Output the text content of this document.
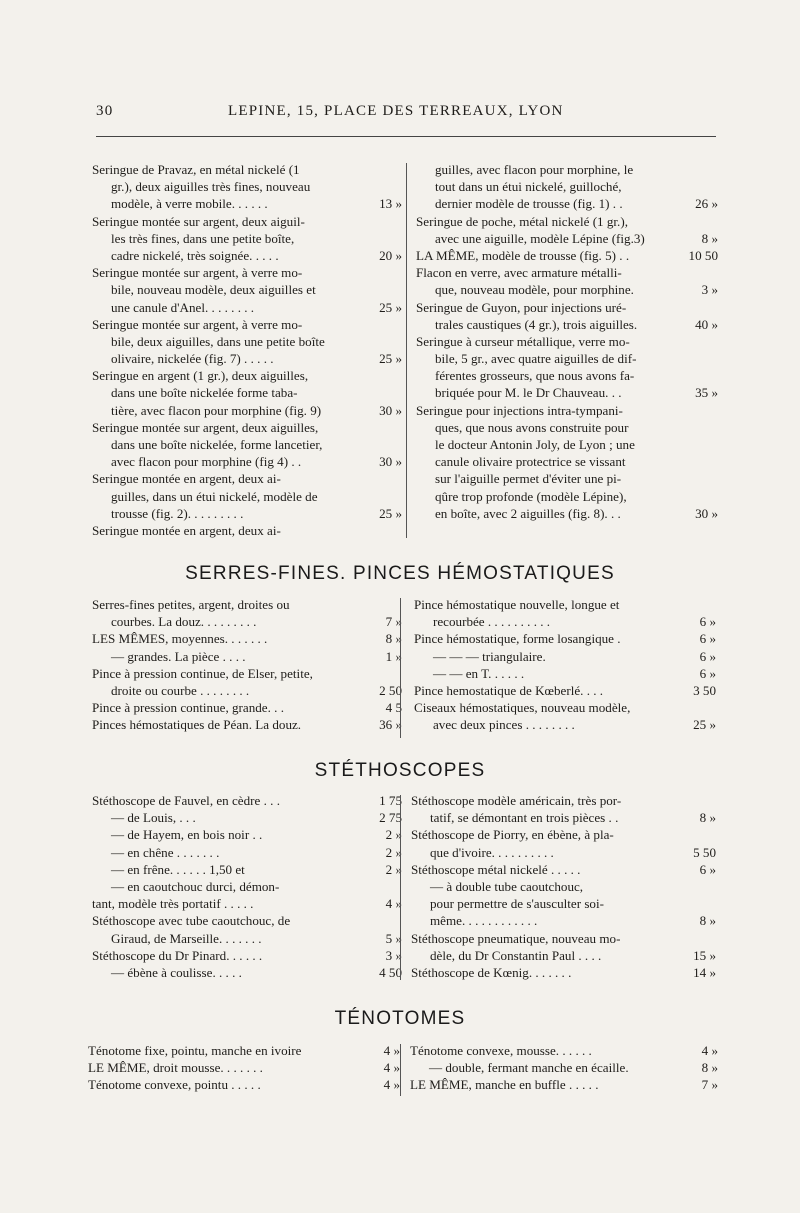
30	LEPINE, 15, PLACE DES TERREAUX, LYON
Seringue de Pravaz, en métal nickelé (1
gr.), deux aiguilles très fines, nouveau
modèle, à verre mobile. . . . . .	13 »
Seringue montée sur argent, deux aiguil-
les très fines, dans une petite boîte,
cadre nickelé, très soignée. . . . .	20 »
Seringue montée sur argent, à verre mo-
bile, nouveau modèle, deux aiguilles et
une canule d'Anel. . . . . . . .	25 »
Seringue montée sur argent, à verre mo-
bile, deux aiguilles, dans une petite boîte
olivaire, nickelée (fig. 7) . . . . .	25 »
Seringue en argent (1 gr.), deux aiguilles,
dans une boîte nickelée forme taba-
tière, avec flacon pour morphine (fig. 9)	30 »
Seringue montée sur argent, deux aiguilles,
dans une boîte nickelée, forme lancetier,
avec flacon pour morphine (fig 4) . .	30 »
Seringue montée en argent, deux ai-
guilles, dans un étui nickelé, modèle de
trousse (fig. 2). . . . . . . . .	25 »
Seringue montée en argent, deux ai-
guilles, avec flacon pour morphine, le
tout dans un étui nickelé, guilloché,
dernier modèle de trousse (fig. 1) . .	26 »
Seringue de poche, métal nickelé (1 gr.),
avec une aiguille, modèle Lépine (fig.3)	8 »
LA MÊME, modèle de trousse (fig. 5) . .	10 50
Flacon en verre, avec armature métalli-
que, nouveau modèle, pour morphine.	3 »
Seringue de Guyon, pour injections uré-
trales caustiques (4 gr.), trois aiguilles.	40 »
Seringue à curseur métallique, verre mo-
bile, 5 gr., avec quatre aiguilles de dif-
férentes grosseurs, que nous avons fa-
briquée pour M. le Dr Chauveau. . .	35 »
Seringue pour injections intra-tympani-
ques, que nous avons construite pour
le docteur Antonin Joly, de Lyon ; une
canule olivaire protectrice se vissant
sur l'aiguille permet d'éviter une pi-
qûre trop profonde (modèle Lépine),
en boîte, avec 2 aiguilles (fig. 8). . .	30 »
SERRES-FINES. PINCES HÉMOSTATIQUES
Serres-fines petites, argent, droites ou
courbes. La douz. . . . . . . . .	7 »
LES MÊMES, moyennes. . . . . . .	8 »
— grandes. La pièce . . . .	1 »
Pince à pression continue, de Elser, petite,
droite ou courbe . . . . . . . .	2 50
Pince à pression continue, grande. . .	4 5
Pinces hémostatiques de Péan. La douz.	36 »
Pince hémostatique nouvelle, longue et
recourbée . . . . . . . . . .	6 »
Pince hémostatique, forme losangique .	6 »
— — — triangulaire.	6 »
— — en T. . . . . .	6 »
Pince hemostatique de Kœberlé. . . .	3 50
Ciseaux hémostatiques, nouveau modèle,
avec deux pinces . . . . . . . .	25 »
STÉTHOSCOPES
Stéthoscope de Fauvel, en cèdre . . .	1 75
— de Louis, . . .	2 75
— de Hayem, en bois noir . .	2 »
— en chêne . . . . . . .	2 »
— en frêne. . . . . . 1,50 et	2 »
— en caoutchouc durci, démon-
tant, modèle très portatif . . . . .	4 »
Stéthoscope avec tube caoutchouc, de
Giraud, de Marseille. . . . . . .	5 »
Stéthoscope du Dr Pinard. . . . . .	3 »
— ébène à coulisse. . . . .	4 50
Stéthoscope modèle américain, très por-
tatif, se démontant en trois pièces . .	8 »
Stéthoscope de Piorry, en ébène, à pla-
que d'ivoire. . . . . . . . . .	5 50
Stéthoscope métal nickelé . . . . .	6 »
— à double tube caoutchouc,
pour permettre de s'ausculter soi-
même. . . . . . . . . . . .	8 »
Stéthoscope pneumatique, nouveau mo-
dèle, du Dr Constantin Paul . . . .	15 »
Stéthoscope de Kœnig. . . . . . .	14 »
TÉNOTOMES
Ténotome fixe, pointu, manche en ivoire	4 »
LE MÊME, droit mousse. . . . . . .	4 »
Ténotome convexe, pointu . . . . .	4 »
Ténotome convexe, mousse. . . . . .	4 »
— double, fermant manche en écaille.	8 »
LE MÊME, manche en buffle . . . . .	7 »
